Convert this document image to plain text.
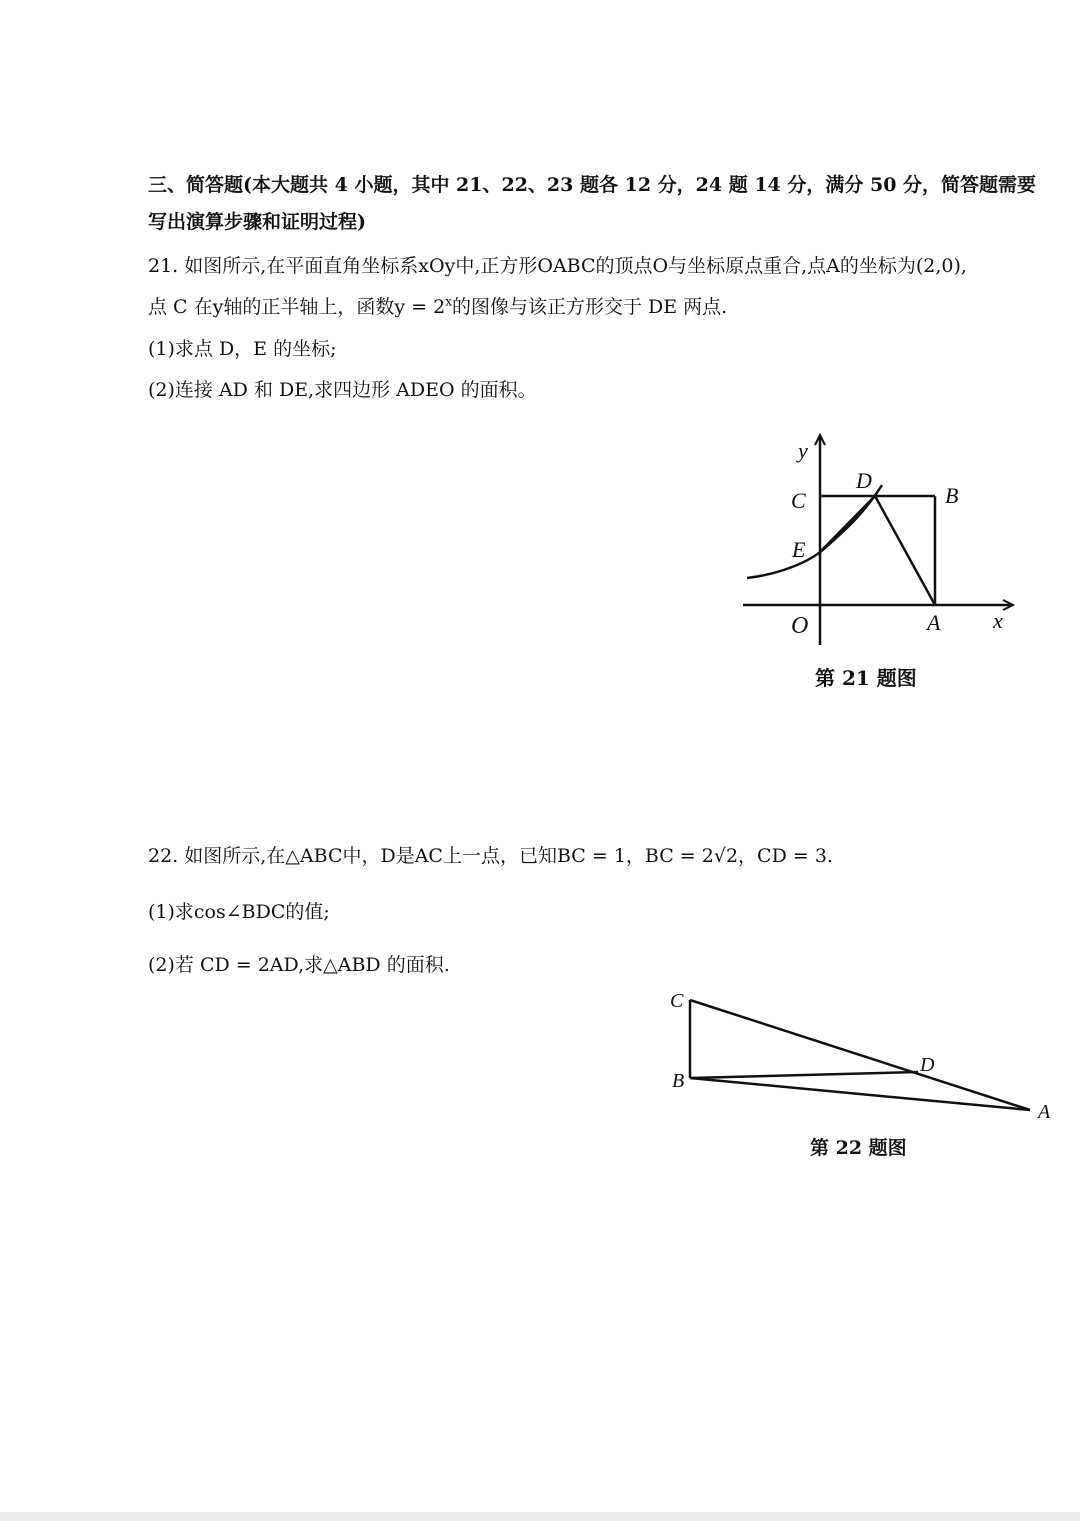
三、简答题(本大题共 4 小题，其中 21、22、23 题各 12 分，24 题 14 分，满分 50 分，简答题需要
写出演算步骤和证明过程)
21. 如图所示,在平面直角坐标系xOy中,正方形OABC的顶点O与坐标原点重合,点A的坐标为(2,0),
点 C 在y轴的正半轴上，函数$y = 2^x$的图像与该正方形交于 DE 两点.
(1)求点 D，E 的坐标;
(2)连接 AD 和 DE,求四边形 ADEO 的面积。
y
x
O	A
B
C
D
E
第 21 题图
22. 如图所示,在△ABC中，D是AC上一点，已知BC = 1，BC = 2√2，CD = 3.
(1)求cos∠BDC的值;
(2)若 CD = 2AD,求△ABD 的面积.
C
B
D
A
第 22 题图
